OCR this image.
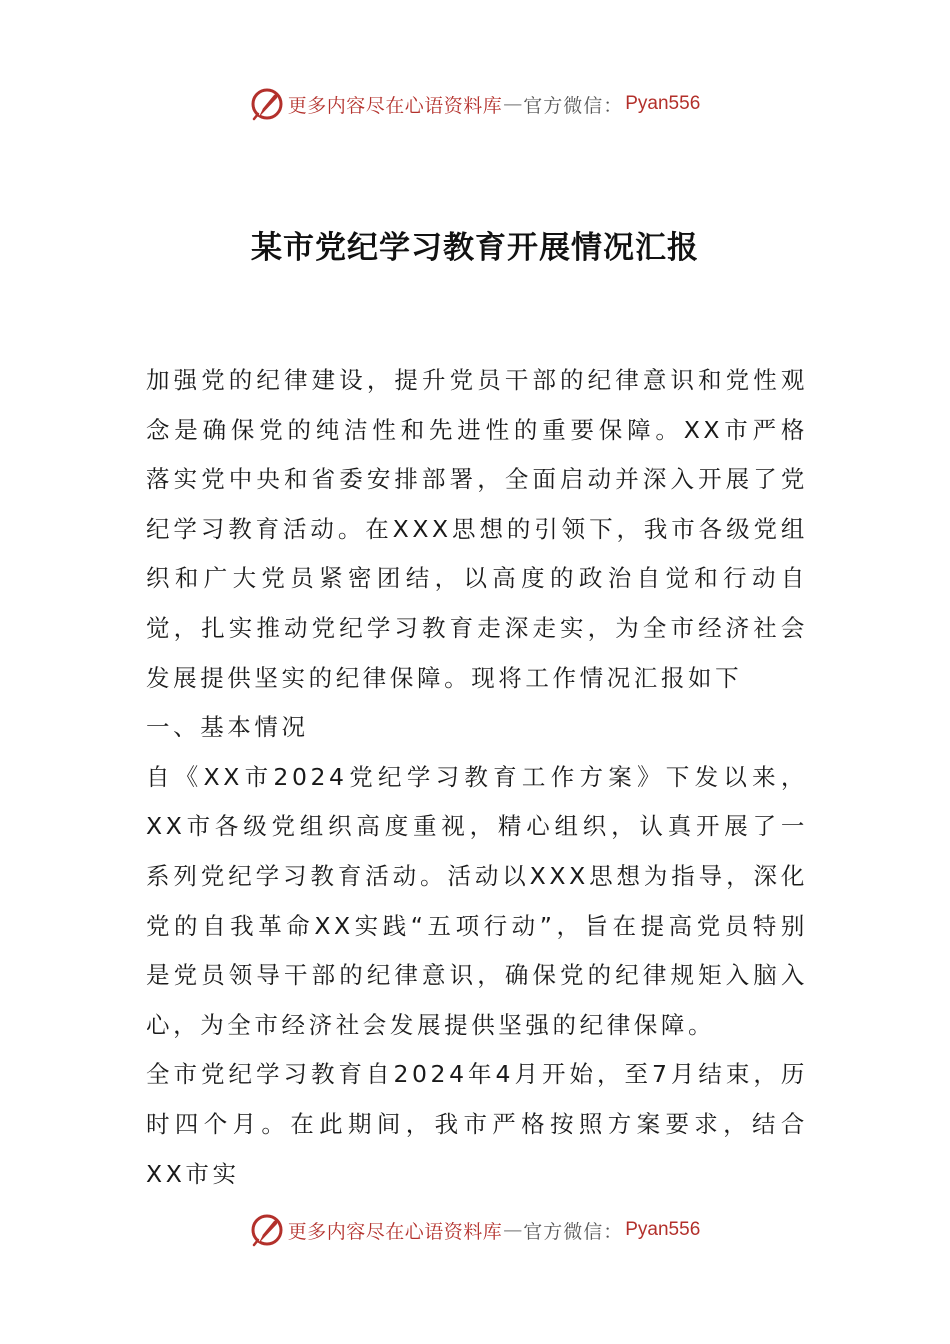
更多内容尽在心语资料库 — 官方微信： Pyan556
某市党纪学习教育开展情况汇报

加强党的纪律建设，提升党员干部的纪律意识和党性观念是确保党的纯洁性和先进性的重要保障。XX市严格落实党中央和省委安排部署，全面启动并深入开展了党纪学习教育活动。在XXX思想的引领下，我市各级党组织和广大党员紧密团结，以高度的政治自觉和行动自觉，扎实推动党纪学习教育走深走实，为全市经济社会发展提供坚实的纪律保障。现将工作情况汇报如下

一、基本情况

自《XX市2024党纪学习教育工作方案》下发以来，XX市各级党组织高度重视，精心组织，认真开展了一系列党纪学习教育活动。活动以XXX思想为指导，深化党的自我革命XX实践“五项行动”，旨在提高党员特别是党员领导干部的纪律意识，确保党的纪律规矩入脑入心，为全市经济社会发展提供坚强的纪律保障。

全市党纪学习教育自2024年4月开始，至7月结束，历时四个月。在此期间，我市严格按照方案要求，结合XX市实

更多内容尽在心语资料库 — 官方微信： Pyan556
